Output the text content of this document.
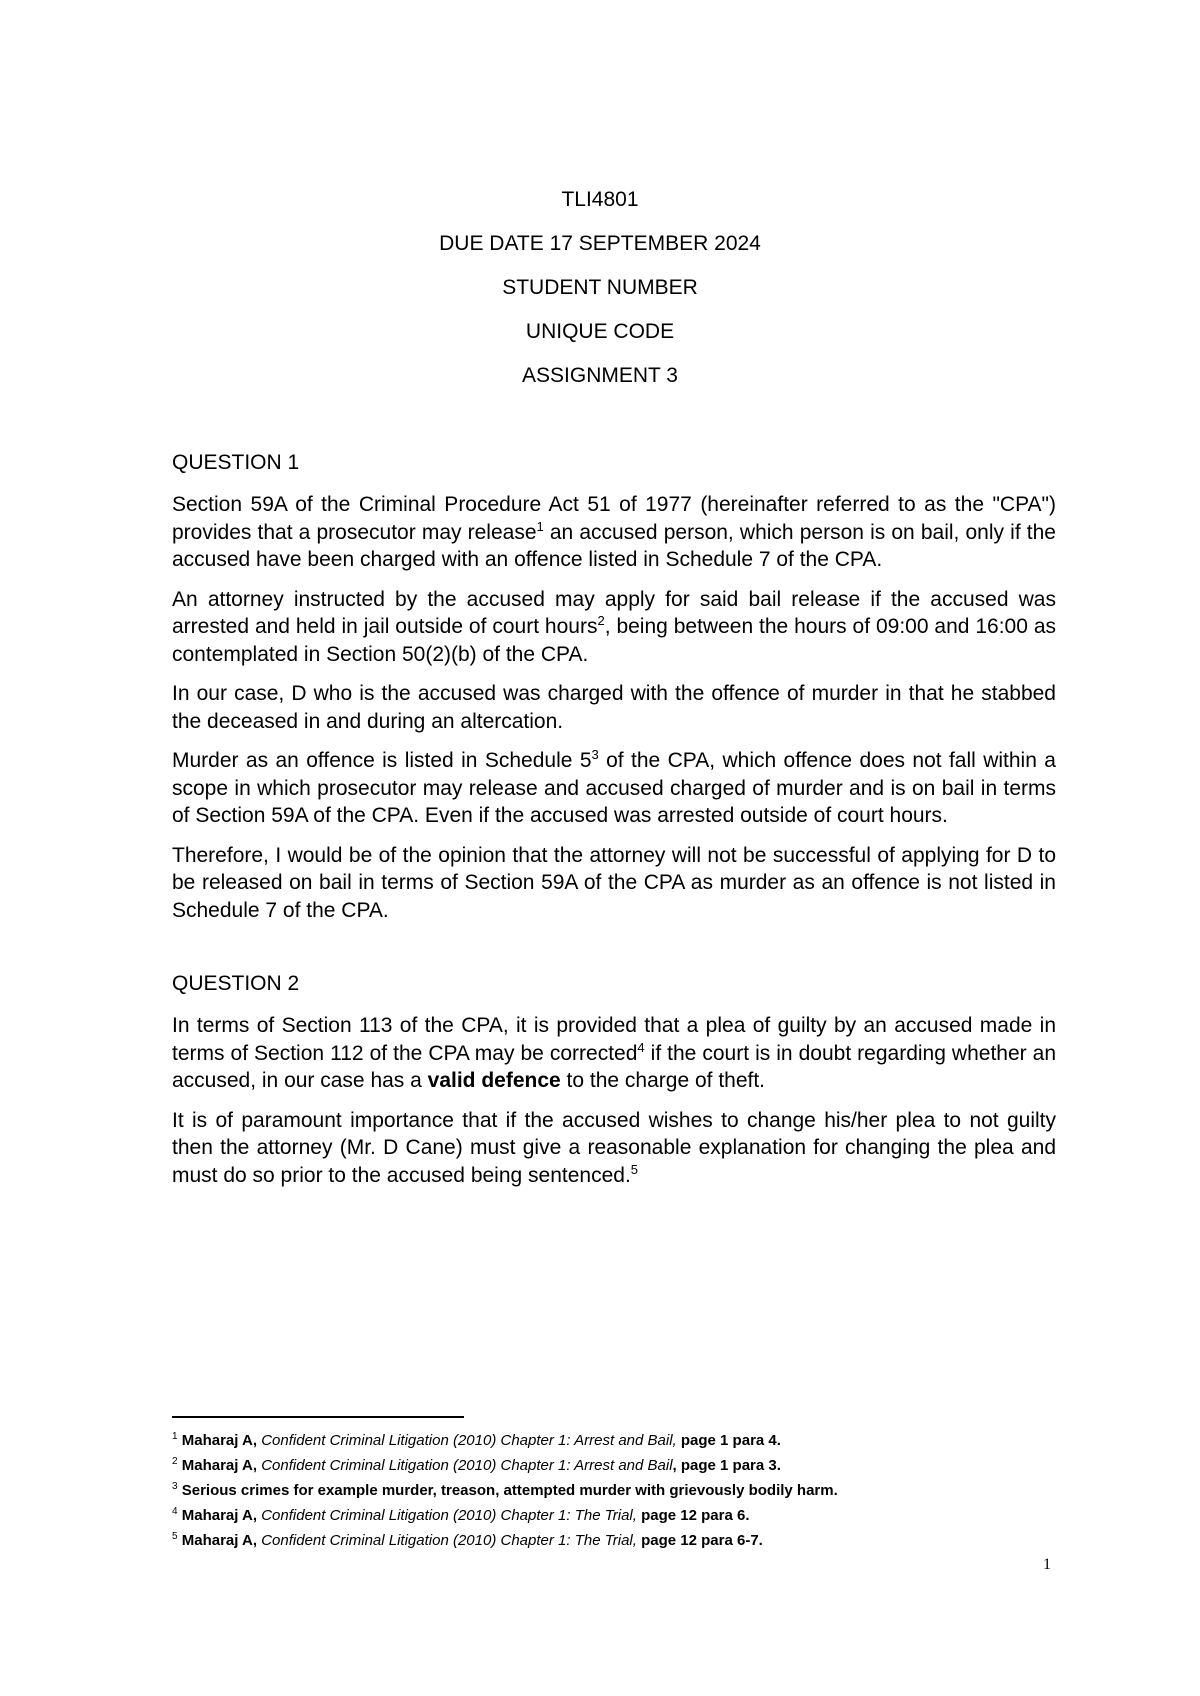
TLI4801
DUE DATE 17 SEPTEMBER 2024
STUDENT NUMBER
UNIQUE CODE
ASSIGNMENT 3
QUESTION 1

Section 59A of the Criminal Procedure Act 51 of 1977 (hereinafter referred to as the "CPA") provides that a prosecutor may release$^1$ an accused person, which person is on bail, only if the accused have been charged with an offence listed in Schedule 7 of the CPA.

An attorney instructed by the accused may apply for said bail release if the accused was arrested and held in jail outside of court hours$^2$, being between the hours of 09:00 and 16:00 as contemplated in Section 50(2)(b) of the CPA.

In our case, D who is the accused was charged with the offence of murder in that he stabbed the deceased in and during an altercation.

Murder as an offence is listed in Schedule $5^3$ of the CPA, which offence does not fall within a scope in which prosecutor may release and accused charged of murder and is on bail in terms of Section 59A of the CPA. Even if the accused was arrested outside of court hours.

Therefore, I would be of the opinion that the attorney will not be successful of applying for D to be released on bail in terms of Section 59A of the CPA as murder as an offence is not listed in Schedule 7 of the CPA.

QUESTION 2

In terms of Section 113 of the CPA, it is provided that a plea of guilty by an accused made in terms of Section 112 of the CPA may be corrected$^4$ if the court is in doubt regarding whether an accused, in our case has a valid defence to the charge of theft.

It is of paramount importance that if the accused wishes to change his/her plea to not guilty then the attorney (Mr. D Cane) must give a reasonable explanation for changing the plea and must do so prior to the accused being sentenced.$^5$

$^1$ Maharaj A, Confident Criminal Litigation (2010) Chapter 1: Arrest and Bail, page 1 para 4.
$^2$ Maharaj A, Confident Criminal Litigation (2010) Chapter 1: Arrest and Bail, page 1 para 3.
$^3$ Serious crimes for example murder, treason, attempted murder with grievously bodily harm.
$^4$ Maharaj A, Confident Criminal Litigation (2010) Chapter 1: The Trial, page 12 para 6.
$^5$ Maharaj A, Confident Criminal Litigation (2010) Chapter 1: The Trial, page 12 para 6-7.
1
